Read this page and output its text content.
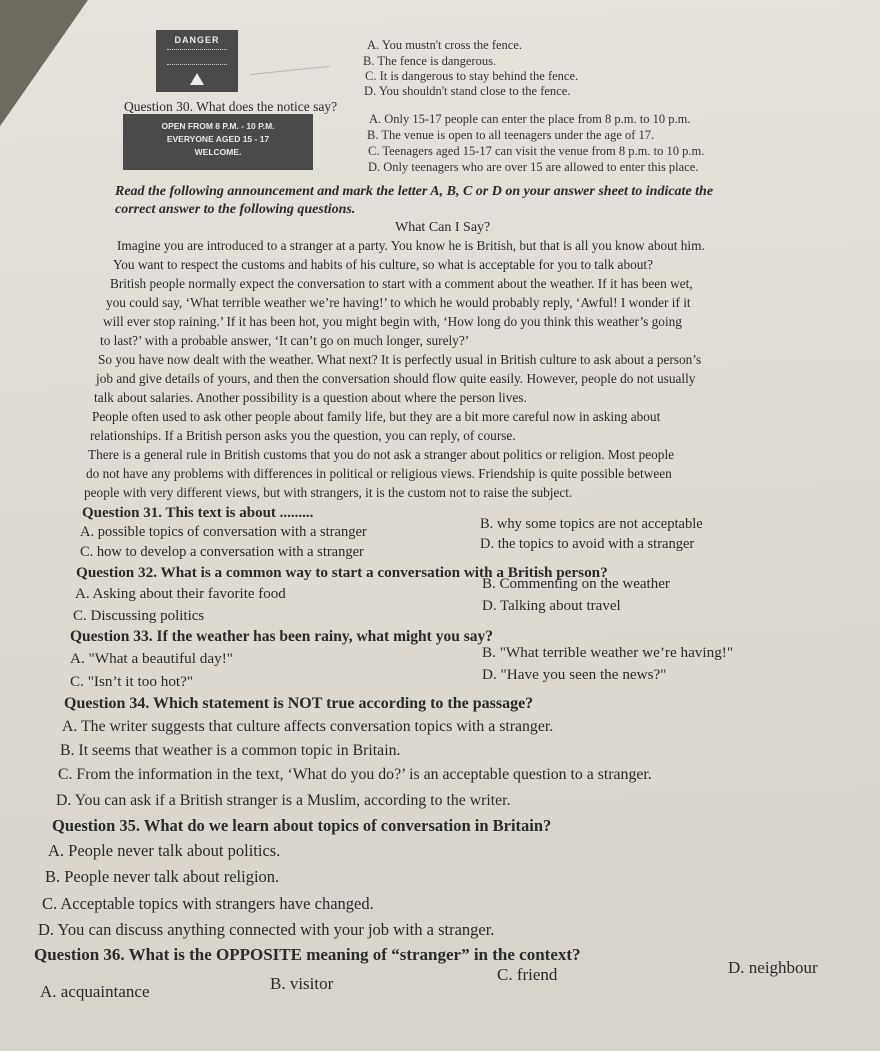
DANGER	A. You mustn't cross the fence.
B. The fence is dangerous.
C. It is dangerous to stay behind the fence.
D. You shouldn't stand close to the fence.
Question 30. What does the notice say?
OPEN FROM 8 P.M. - 10 P.M.
EVERYONE AGED 15 - 17
WELCOME.
A. Only 15-17 people can enter the place from 8 p.m. to 10 p.m.
B. The venue is open to all teenagers under the age of 17.
C. Teenagers aged 15-17 can visit the venue from 8 p.m. to 10 p.m.
D. Only teenagers who are over 15 are allowed to enter this place.
Read the following announcement and mark the letter A, B, C or D on your answer sheet to indicate the
correct answer to the following questions.
What Can I Say?
Imagine you are introduced to a stranger at a party. You know he is British, but that is all you know about him.
You want to respect the customs and habits of his culture, so what is acceptable for you to talk about?
British people normally expect the conversation to start with a comment about the weather. If it has been wet,
you could say, ‘What terrible weather we’re having!’ to which he would probably reply, ‘Awful! I wonder if it
will ever stop raining.’ If it has been hot, you might begin with, ‘How long do you think this weather’s going
to last?’ with a probable answer, ‘It can’t go on much longer, surely?’
So you have now dealt with the weather. What next? It is perfectly usual in British culture to ask about a person’s
job and give details of yours, and then the conversation should flow quite easily. However, people do not usually
talk about salaries. Another possibility is a question about where the person lives.
People often used to ask other people about family life, but they are a bit more careful now in asking about
relationships. If a British person asks you the question, you can reply, of course.
There is a general rule in British customs that you do not ask a stranger about politics or religion. Most people
do not have any problems with differences in political or religious views. Friendship is quite possible between
people with very different views, but with strangers, it is the custom not to raise the subject.
Question 31. This text is about .........
A. possible topics of conversation with a stranger	B. why some topics are not acceptable
C. how to develop a conversation with a stranger	D. the topics to avoid with a stranger
Question 32. What is a common way to start a conversation with a British person?
A. Asking about their favorite food
B. Commenting on the weather
C. Discussing politics
D. Talking about travel
Question 33. If the weather has been rainy, what might you say?
A. "What a beautiful day!"	B. "What terrible weather we’re having!"
C. "Isn’t it too hot?"	D. "Have you seen the news?"
Question 34. Which statement is NOT true according to the passage?
A. The writer suggests that culture affects conversation topics with a stranger.
B. It seems that weather is a common topic in Britain.
C. From the information in the text, ‘What do you do?’ is an acceptable question to a stranger.
D. You can ask if a British stranger is a Muslim, according to the writer.
Question 35. What do we learn about topics of conversation in Britain?
A. People never talk about politics.
B. People never talk about religion.
C. Acceptable topics with strangers have changed.
D. You can discuss anything connected with your job with a stranger.
Question 36. What is the OPPOSITE meaning of “stranger” in the context?
A. acquaintance	B. visitor	C. friend	D. neighbour
